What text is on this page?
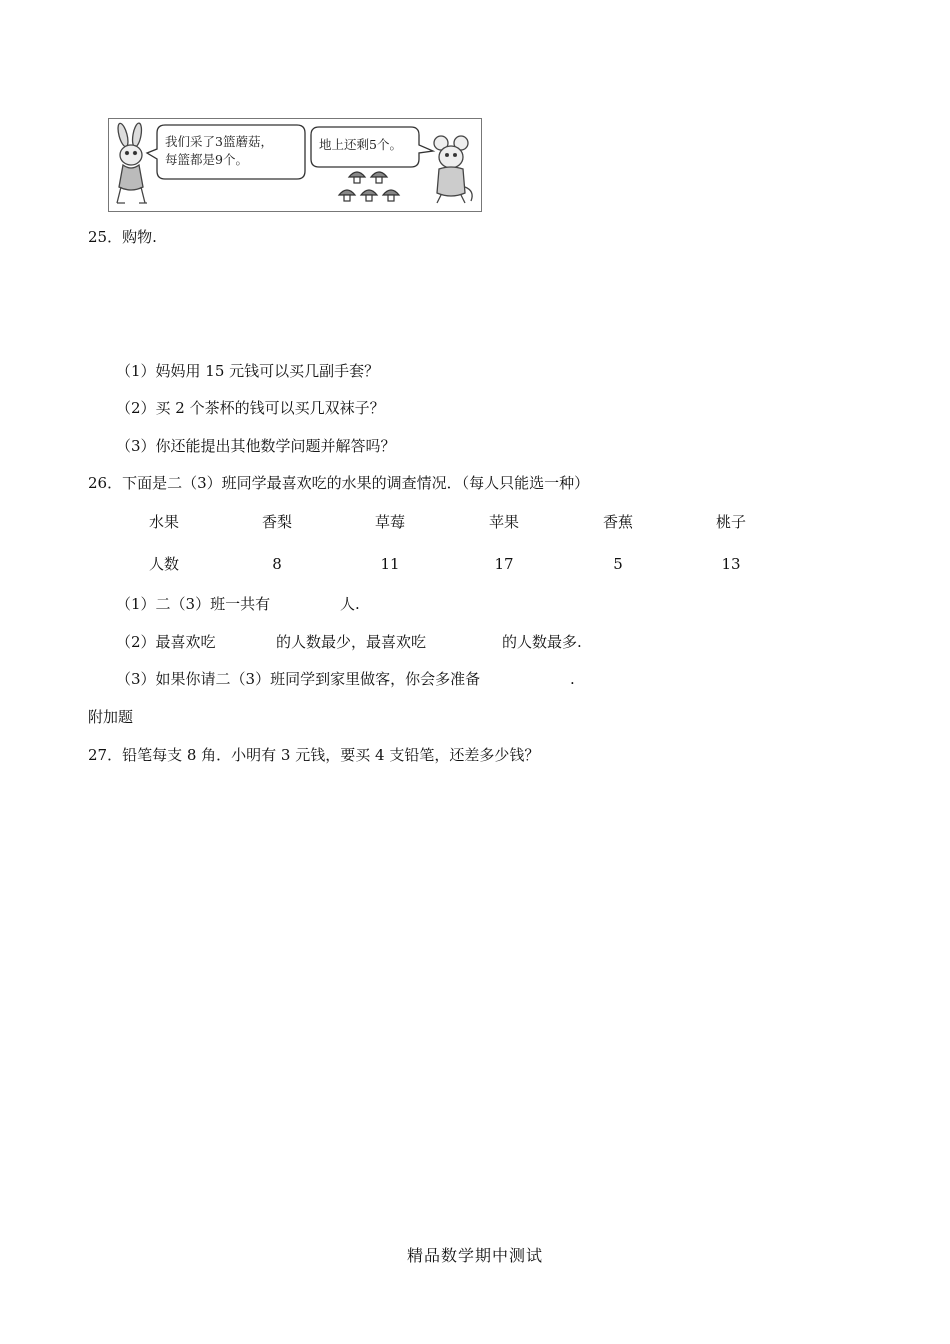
我们采了3篮蘑菇，
每篮都是9个。
地上还剩5个。
25．购物.
（1）妈妈用 15 元钱可以买几副手套？
（2）买 2 个茶杯的钱可以买几双袜子？
（3）你还能提出其他数学问题并解答吗？
26．下面是二（3）班同学最喜欢吃的水果的调查情况．（每人只能选一种）
水果	香梨	草莓	苹果	香蕉	桃子
人数	8	11	17	5	13
（1）二（3）班一共有	人.
（2）最喜欢吃	的人数最少，最喜欢吃	的人数最多.
（3）如果你请二（3）班同学到家里做客，你会多准备	.
附加题
27．铅笔每支 8 角．小明有 3 元钱，要买 4 支铅笔，还差多少钱？
精品数学期中测试
